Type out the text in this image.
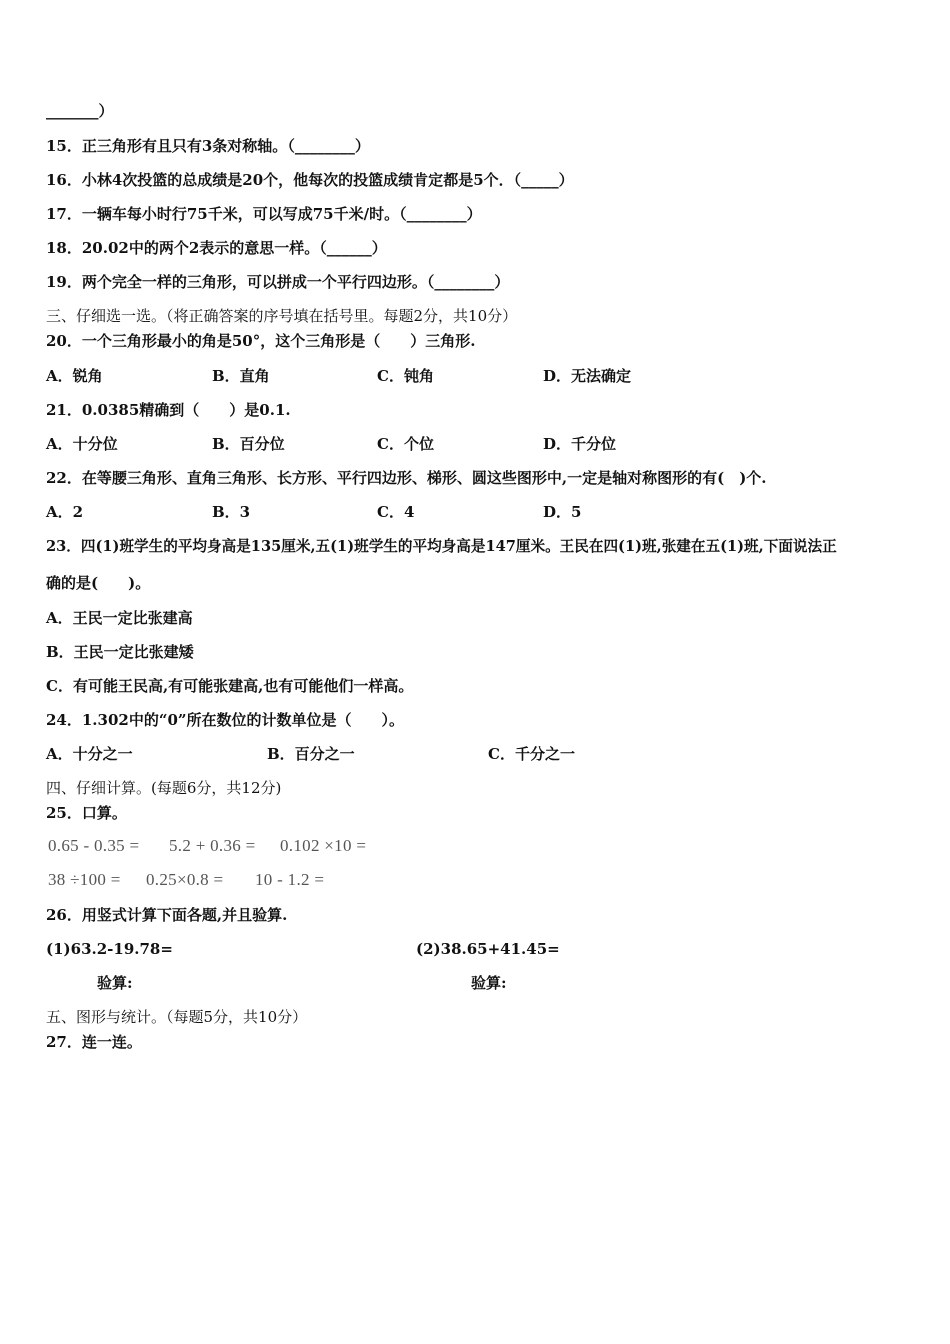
_______）
15．正三角形有且只有3条对称轴。（________）
16．小林4次投篮的总成绩是20个，他每次的投篮成绩肯定都是5个．（_____）
17．一辆车每小时行75千米，可以写成75千米/时。（________）
18．20.02中的两个2表示的意思一样。（______）
19．两个完全一样的三角形，可以拼成一个平行四边形。（________）
三、仔细选一选。（将正确答案的序号填在括号里。每题2分，共10分）
20．一个三角形最小的角是50°，这个三角形是（　　）三角形.
A．锐角	B．直角	C．钝角	D．无法确定
21．0.0385精确到（　　）是0.1.
A．十分位	B．百分位	C．个位	D．千分位
22．在等腰三角形、直角三角形、长方形、平行四边形、梯形、圆这些图形中,一定是轴对称图形的有(　)个.
A．2	B．3	C．4	D．5
23．四(1)班学生的平均身高是135厘米,五(1)班学生的平均身高是147厘米。王民在四(1)班,张建在五(1)班,下面说法正
确的是(　　)。
A．王民一定比张建高
B．王民一定比张建矮
C．有可能王民高,有可能张建高,也有可能他们一样高。
24．1.302中的“0”所在数位的计数单位是（　　）。
A．十分之一	B．百分之一	C．千分之一
四、仔细计算。(每题6分，共12分)
25．口算。
0.65 - 0.35 = 5.2 + 0.36 = 0.102 ×10 =
38 ÷100 = 0.25×0.8 = 10 - 1.2 =
26．用竖式计算下面各题,并且验算.
(1)63.2-19.78=	(2)38.65+41.45=
验算:	验算:
五、图形与统计。（每题5分，共10分）
27．连一连。
